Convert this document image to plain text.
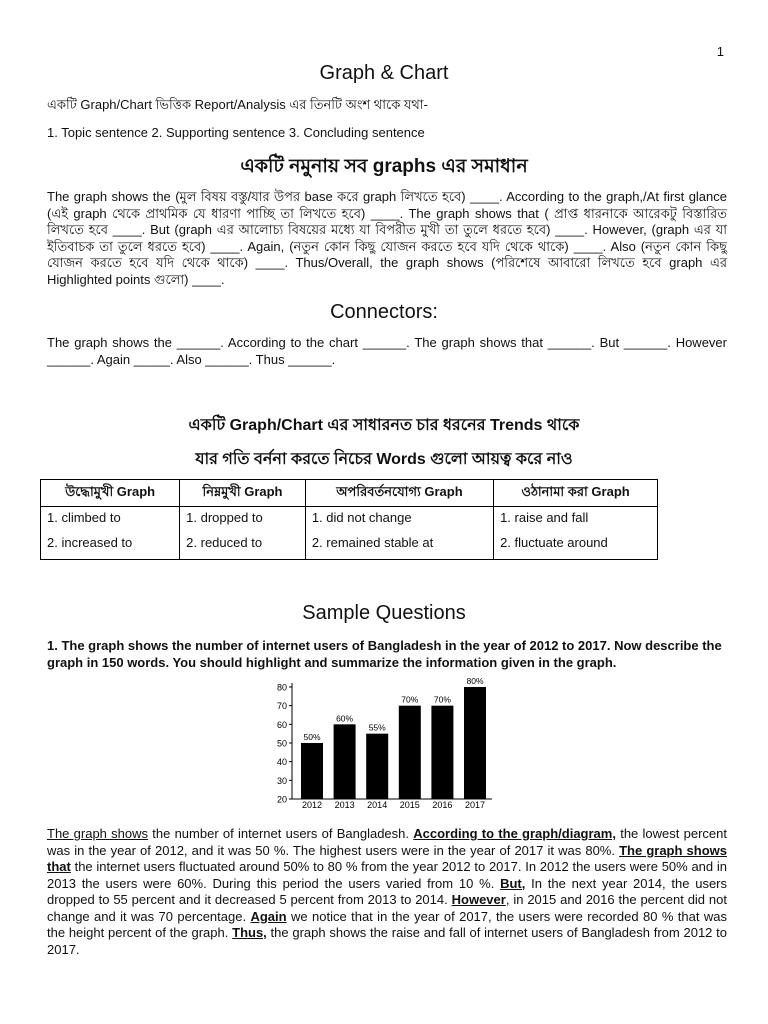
1
Graph & Chart
একটি Graph/Chart ভিত্তিক Report/Analysis এর তিনটি অংশ থাকে যথা-
1. Topic sentence 2. Supporting sentence 3. Concluding sentence
একটি নমুনায় সব graphs এর সমাধান
The graph shows the (মুল বিষয় বস্তু/যার উপর base করে graph লিখতে হবে) ____. According to the graph,/At first glance (এই graph থেকে প্রাথমিক যে ধারণা পাচ্ছি তা লিখতে হবে) ____. The graph shows that ( প্রাপ্ত ধারনাকে আরেকটু বিস্তারিত লিখতে হবে ____. But (graph এর আলোচ্য বিষয়ের মধ্যে যা বিপরীত মুখী তা তুলে ধরতে হবে) ____. However, (graph এর যা ইতিবাচক তা তুলে ধরতে হবে) ____. Again, (নতুন কোন কিছু যোজন করতে হবে যদি থেকে থাকে) ____. Also (নতুন কোন কিছু যোজন করতে হবে যদি থেকে থাকে) ____. Thus/Overall, the graph shows (পরিশেষে আবারো লিখতে হবে graph এর Highlighted points গুলো) ____.
Connectors:
The graph shows the ______. According to the chart ______. The graph shows that ______. But ______. However ______. Again _____. Also ______. Thus ______.
একটি Graph/Chart এর সাধারনত চার ধরনের Trends থাকে
যার গতি বর্ননা করতে নিচের Words গুলো আয়ত্ব করে নাও
উদ্ধোমুখী Graph	নিম্নমুখী Graph	অপরিবর্তনযোগ্য Graph	ওঠানামা করা Graph
1. climbed to	1. dropped to	1. did not change	1. raise and fall
2. increased to	2. reduced to	2. remained stable at	2. fluctuate around
Sample Questions
1. The graph shows the number of internet users of Bangladesh in the year of 2012 to 2017. Now describe the graph in 150 words. You should highlight and summarize the information given in the graph.
20
30
40
50
60
70
80
50%
2012
60%
2013
55%
2014
70%
2015
70%
2016
80%
2017
The graph shows the number of internet users of Bangladesh. According to the graph/diagram, the lowest percent was in the year of 2012, and it was 50 %. The highest users were in the year of 2017 it was 80%. The graph shows that the internet users fluctuated around 50% to 80 % from the year 2012 to 2017. In 2012 the users were 50% and in 2013 the users were 60%. During this period the users varied from 10 %. But, In the next year 2014, the users dropped to 55 percent and it decreased 5 percent from 2013 to 2014. However, in 2015 and 2016 the percent did not change and it was 70 percentage. Again we notice that in the year of 2017, the users were recorded 80 % that was the height percent of the graph. Thus, the graph shows the raise and fall of internet users of Bangladesh from 2012 to 2017.
